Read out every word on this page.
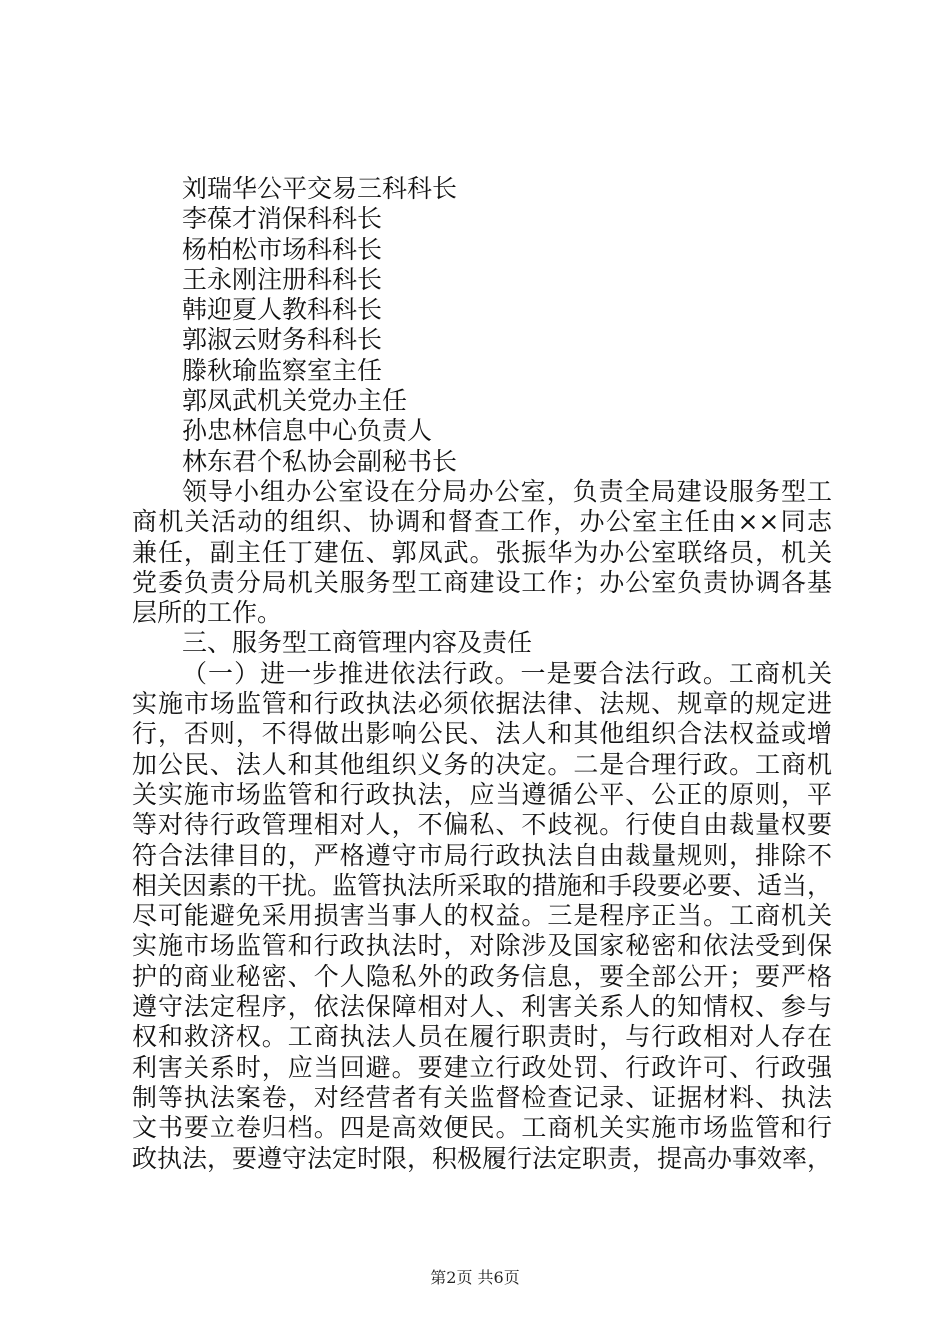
刘瑞华公平交易三科科长
李葆才消保科科长
杨柏松市场科科长
王永刚注册科科长
韩迎夏人教科科长
郭淑云财务科科长
滕秋瑜监察室主任
郭凤武机关党办主任
孙忠林信息中心负责人
林东君个私协会副秘书长
领导小组办公室设在分局办公室，负责全局建设服务型工
商机关活动的组织、协调和督查工作，办公室主任由××同志
兼任，副主任丁建伍、郭凤武。张振华为办公室联络员，机关
党委负责分局机关服务型工商建设工作；办公室负责协调各基
层所的工作。
三、服务型工商管理内容及责任
（一）进一步推进依法行政。一是要合法行政。工商机关
实施市场监管和行政执法必须依据法律、法规、规章的规定进
行，否则，不得做出影响公民、法人和其他组织合法权益或增
加公民、法人和其他组织义务的决定。二是合理行政。工商机
关实施市场监管和行政执法，应当遵循公平、公正的原则，平
等对待行政管理相对人，不偏私、不歧视。行使自由裁量权要
符合法律目的，严格遵守市局行政执法自由裁量规则，排除不
相关因素的干扰。监管执法所采取的措施和手段要必要、适当，
尽可能避免采用损害当事人的权益。三是程序正当。工商机关
实施市场监管和行政执法时，对除涉及国家秘密和依法受到保
护的商业秘密、个人隐私外的政务信息，要全部公开；要严格
遵守法定程序，依法保障相对人、利害关系人的知情权、参与
权和救济权。工商执法人员在履行职责时，与行政相对人存在
利害关系时，应当回避。要建立行政处罚、行政许可、行政强
制等执法案卷，对经营者有关监督检查记录、证据材料、执法
文书要立卷归档。四是高效便民。工商机关实施市场监管和行
政执法，要遵守法定时限，积极履行法定职责，提高办事效率，
第2页 共6页
